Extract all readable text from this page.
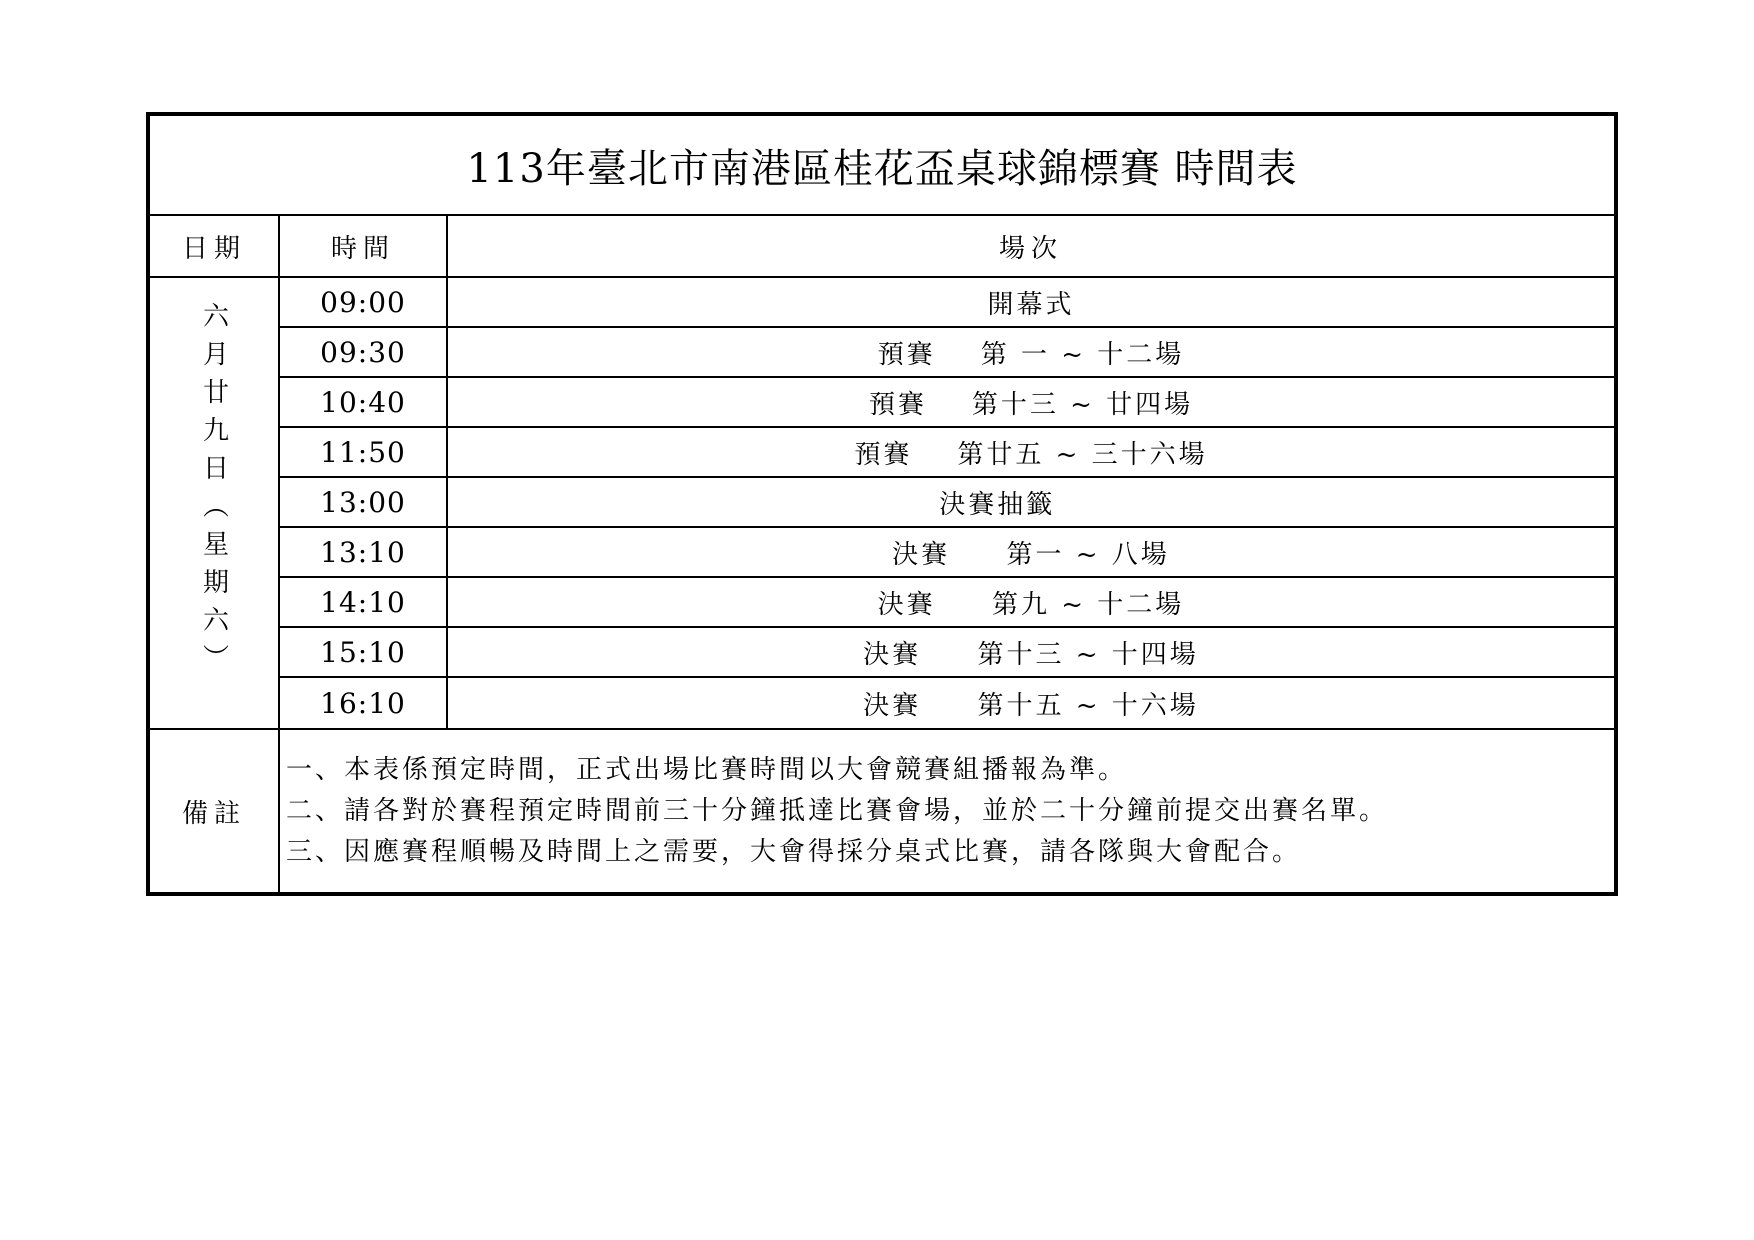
113年臺北市南港區桂花盃桌球錦標賽 時間表
日期	時間	場次
六月廿九日︵星期六︶	09:00	開幕式
09:30	預賽    第 一 ~ 十二場
10:40	預賽    第十三 ~ 廿四場
11:50	預賽    第廿五 ~ 三十六場
13:00	決賽抽籤
13:10	決賽     第一 ~ 八場
14:10	決賽     第九 ~ 十二場
15:10	決賽     第十三 ~ 十四場
16:10	決賽     第十五 ~ 十六場
備註
一、本表係預定時間，正式出場比賽時間以大會競賽組播報為準。
二、請各對於賽程預定時間前三十分鐘抵達比賽會場，並於二十分鐘前提交出賽名單。
三、因應賽程順暢及時間上之需要，大會得採分桌式比賽，請各隊與大會配合。
